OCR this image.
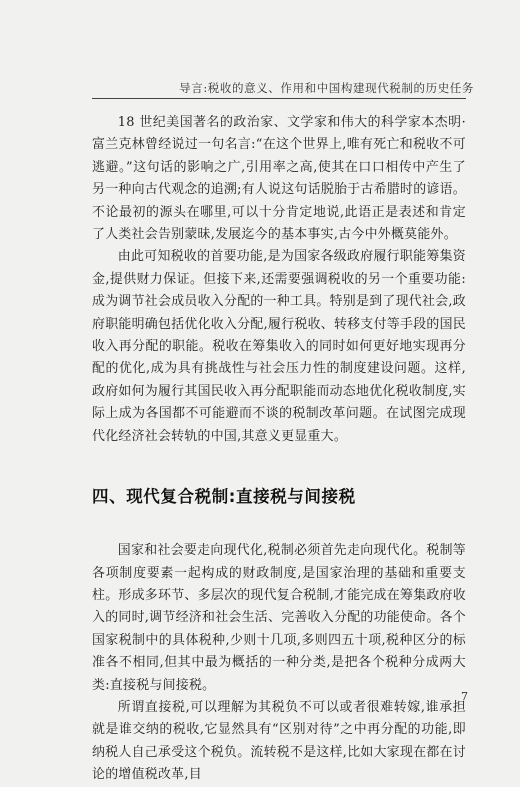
导言:税收的意义、作用和中国构建现代税制的历史任务

18 世纪美国著名的政治家、文学家和伟大的科学家本杰明·富兰克林曾经说过一句名言:“在这个世界上,唯有死亡和税收不可逃避。”这句话的影响之广,引用率之高,使其在口口相传中产生了另一种向古代观念的追溯;有人说这句话脱胎于古希腊时的谚语。不论最初的源头在哪里,可以十分肯定地说,此语正是表述和肯定了人类社会告别蒙昧,发展迄今的基本事实,古今中外概莫能外。

由此可知税收的首要功能,是为国家各级政府履行职能筹集资金,提供财力保证。但接下来,还需要强调税收的另一个重要功能:成为调节社会成员收入分配的一种工具。特别是到了现代社会,政府职能明确包括优化收入分配,履行税收、转移支付等手段的国民收入再分配的职能。税收在筹集收入的同时如何更好地实现再分配的优化,成为具有挑战性与社会压力性的制度建设问题。这样,政府如何为履行其国民收入再分配职能而动态地优化税收制度,实际上成为各国都不可能避而不谈的税制改革问题。在试图完成现代化经济社会转轨的中国,其意义更显重大。

四、现代复合税制:直接税与间接税

国家和社会要走向现代化,税制必须首先走向现代化。税制等各项制度要素一起构成的财政制度,是国家治理的基础和重要支柱。形成多环节、多层次的现代复合税制,才能完成在筹集政府收入的同时,调节经济和社会生活、完善收入分配的功能使命。各个国家税制中的具体税种,少则十几项,多则四五十项,税种区分的标准各不相同,但其中最为概括的一种分类,是把各个税种分成两大类:直接税与间接税。

所谓直接税,可以理解为其税负不可以或者很难转嫁,谁承担就是谁交纳的税收,它显然具有“区别对待”之中再分配的功能,即纳税人自己承受这个税负。流转税不是这样,比如大家现在都在讨论的增值税改革,目

7
